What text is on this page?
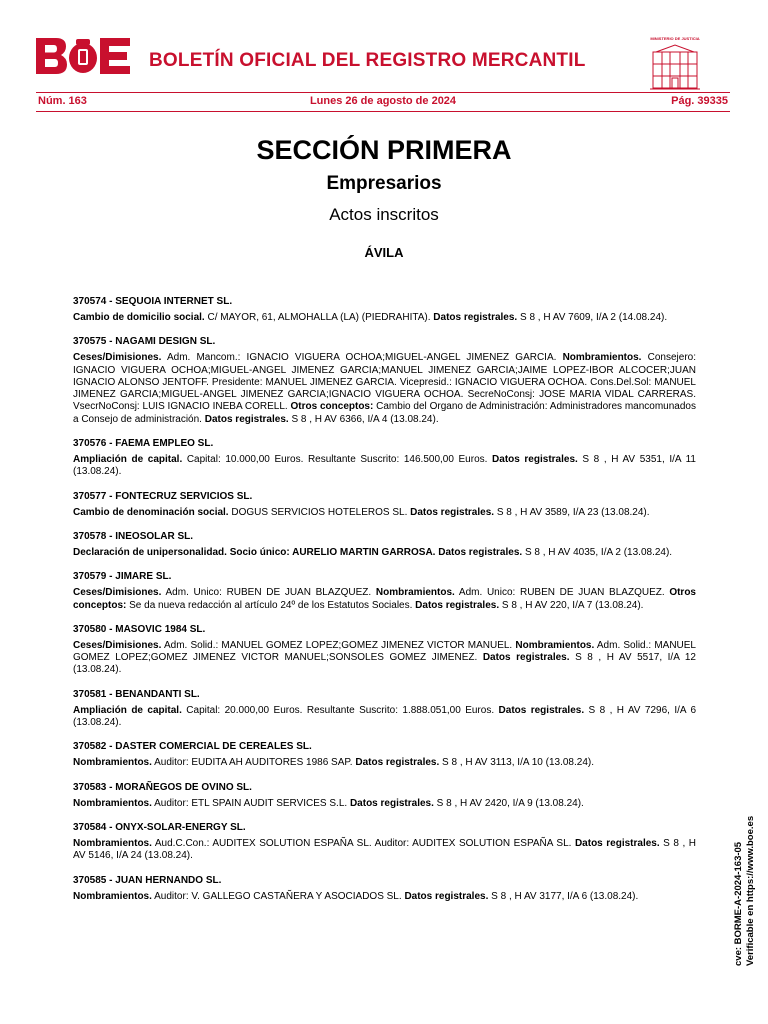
BOLETÍN OFICIAL DEL REGISTRO MERCANTIL
MINISTERIO DE JUSTICIA
Núm. 163	Lunes 26 de agosto de 2024	Pág. 39335
SECCIÓN PRIMERA
Empresarios
Actos inscritos
ÁVILA
370574 - SEQUOIA INTERNET SL.
Cambio de domicilio social. C/ MAYOR, 61, ALMOHALLA (LA) (PIEDRAHITA). Datos registrales. S 8 , H AV 7609, I/A 2 (14.08.24).
370575 - NAGAMI DESIGN SL.
Ceses/Dimisiones. Adm. Mancom.: IGNACIO VIGUERA OCHOA;MIGUEL-ANGEL JIMENEZ GARCIA. Nombramientos. Consejero: IGNACIO VIGUERA OCHOA;MIGUEL-ANGEL JIMENEZ GARCIA;MANUEL JIMENEZ GARCIA;JAIME LOPEZ-IBOR ALCOCER;JUAN IGNACIO ALONSO JENTOFF. Presidente: MANUEL JIMENEZ GARCIA. Vicepresid.: IGNACIO VIGUERA OCHOA. Cons.Del.Sol: MANUEL JIMENEZ GARCIA;MIGUEL-ANGEL JIMENEZ GARCIA;IGNACIO VIGUERA OCHOA. SecreNoConsj: JOSE MARIA VIDAL CARRERAS. VsecrNoConsj: LUIS IGNACIO INEBA CORELL. Otros conceptos: Cambio del Organo de Administración: Administradores mancomunados a Consejo de administración. Datos registrales. S 8 , H AV 6366, I/A 4 (13.08.24).
370576 - FAEMA EMPLEO SL.
Ampliación de capital. Capital: 10.000,00 Euros. Resultante Suscrito: 146.500,00 Euros. Datos registrales. S 8 , H AV 5351, I/A 11 (13.08.24).
370577 - FONTECRUZ SERVICIOS SL.
Cambio de denominación social. DOGUS SERVICIOS HOTELEROS SL. Datos registrales. S 8 , H AV 3589, I/A 23 (13.08.24).
370578 - INEOSOLAR SL.
Declaración de unipersonalidad. Socio único: AURELIO MARTIN GARROSA. Datos registrales. S 8 , H AV 4035, I/A 2 (13.08.24).
370579 - JIMARE SL.
Ceses/Dimisiones. Adm. Unico: RUBEN DE JUAN BLAZQUEZ. Nombramientos. Adm. Unico: RUBEN DE JUAN BLAZQUEZ. Otros conceptos: Se da nueva redacción al artículo 24º de los Estatutos Sociales. Datos registrales. S 8 , H AV 220, I/A 7 (13.08.24).
370580 - MASOVIC 1984 SL.
Ceses/Dimisiones. Adm. Solid.: MANUEL GOMEZ LOPEZ;GOMEZ JIMENEZ VICTOR MANUEL. Nombramientos. Adm. Solid.: MANUEL GOMEZ LOPEZ;GOMEZ JIMENEZ VICTOR MANUEL;SONSOLES GOMEZ JIMENEZ. Datos registrales. S 8 , H AV 5517, I/A 12 (13.08.24).
370581 - BENANDANTI SL.
Ampliación de capital. Capital: 20.000,00 Euros. Resultante Suscrito: 1.888.051,00 Euros. Datos registrales. S 8 , H AV 7296, I/A 6 (13.08.24).
370582 - DASTER COMERCIAL DE CEREALES SL.
Nombramientos. Auditor: EUDITA AH AUDITORES 1986 SAP. Datos registrales. S 8 , H AV 3113, I/A 10 (13.08.24).
370583 - MORAÑEGOS DE OVINO SL.
Nombramientos. Auditor: ETL SPAIN AUDIT SERVICES S.L. Datos registrales. S 8 , H AV 2420, I/A 9 (13.08.24).
370584 - ONYX-SOLAR-ENERGY SL.
Nombramientos. Aud.C.Con.: AUDITEX SOLUTION ESPAÑA SL. Auditor: AUDITEX SOLUTION ESPAÑA SL. Datos registrales. S 8 , H AV 5146, I/A 24 (13.08.24).
370585 - JUAN HERNANDO SL.
Nombramientos. Auditor: V. GALLEGO CASTAÑERA Y ASOCIADOS SL. Datos registrales. S 8 , H AV 3177, I/A 6 (13.08.24).	cve: BORME-A-2024-163-05 Verificable en https://www.boe.es
